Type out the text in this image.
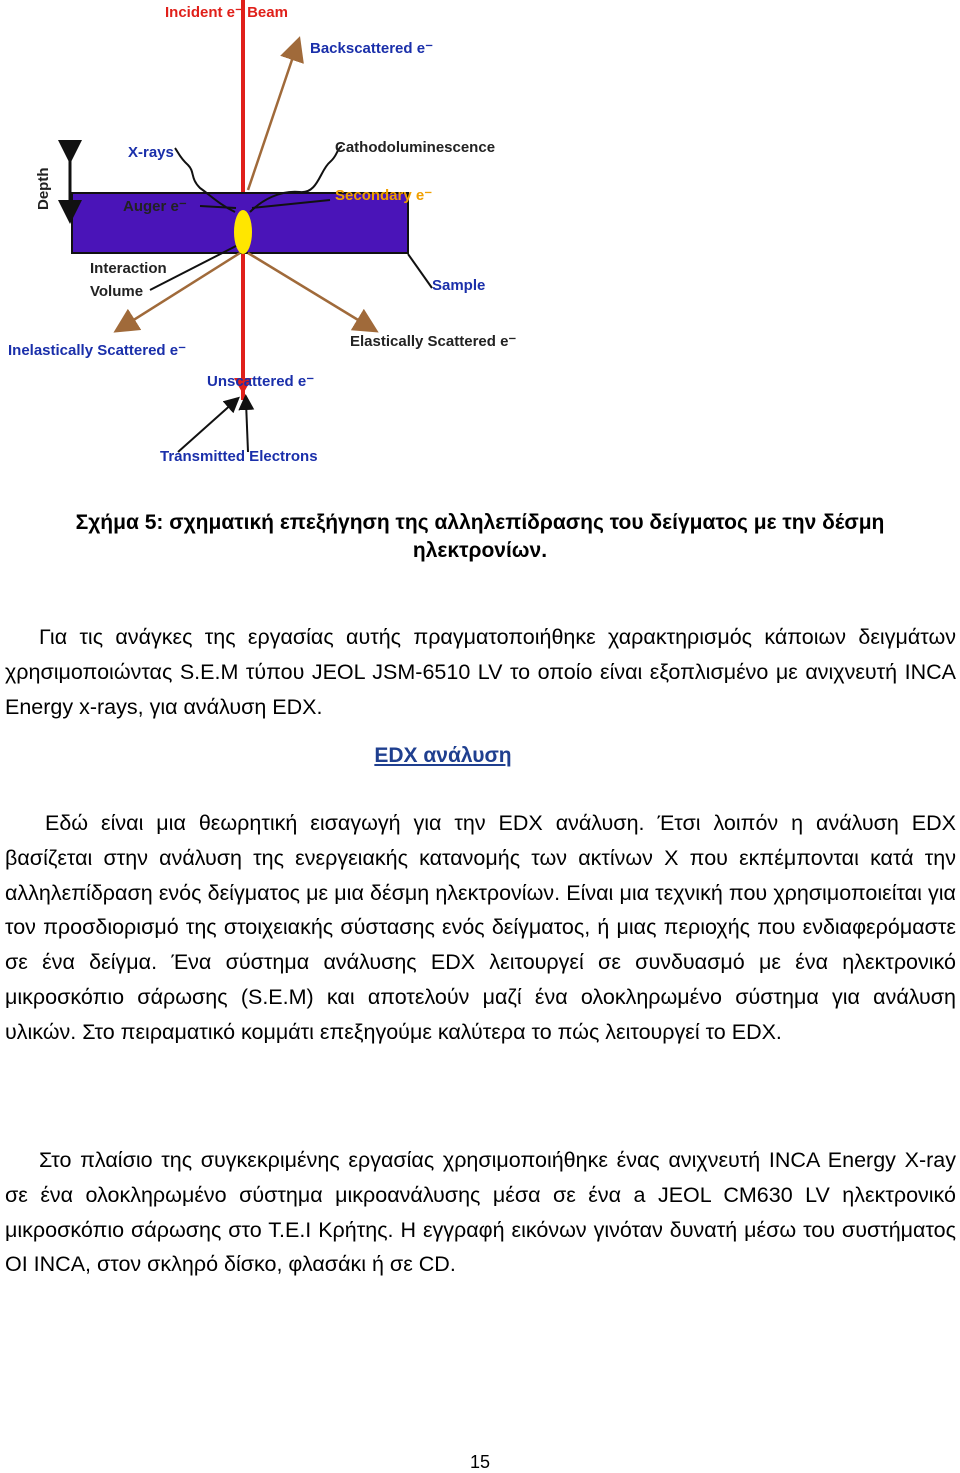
Incident e⁻ Beam
Backscattered e⁻
X-rays	Cathodoluminescence
Secondary e⁻
Auger e⁻
Depth
Interaction
Volume	Sample
Inelastically Scattered e⁻
Elastically Scattered e⁻
Unscattered e⁻
Transmitted Electrons
Σχήμα 5: σχηματική επεξήγηση της αλληλεπίδρασης του δείγματος με την δέσμη
ηλεκτρονίων.
Για τις ανάγκες της εργασίας αυτής πραγματοποιήθηκε χαρακτηρισμός κάποιων δειγμάτων χρησιμοποιώντας S.E.M τύπου JEOL JSM-6510 LV το οποίο είναι εξοπλισμένο με ανιχνευτή INCA Energy x-rays, για ανάλυση EDX.
EDX ανάλυση
Εδώ είναι μια θεωρητική εισαγωγή για την EDX ανάλυση. Έτσι λοιπόν η ανάλυση EDX βασίζεται στην ανάλυση της ενεργειακής κατανομής των ακτίνων X που εκπέμπονται κατά την αλληλεπίδραση ενός δείγματος με μια δέσμη ηλεκτρονίων. Είναι μια τεχνική που χρησιμοποιείται για τον προσδιορισμό της στοιχειακής σύστασης ενός δείγματος, ή μιας περιοχής που ενδιαφερόμαστε σε ένα δείγμα. Ένα σύστημα ανάλυσης EDX λειτουργεί σε συνδυασμό με ένα ηλεκτρονικό μικροσκόπιο σάρωσης (S.E.M) και αποτελούν μαζί ένα ολοκληρωμένο σύστημα για ανάλυση υλικών. Στο πειραματικό κομμάτι επεξηγούμε καλύτερα το πώς λειτουργεί το EDX.
Στο πλαίσιο της συγκεκριμένης εργασίας χρησιμοποιήθηκε ένας ανιχνευτή INCA Energy X-ray σε ένα ολοκληρωμένο σύστημα μικροανάλυσης μέσα σε ένα a JEOL CM630 LV ηλεκτρονικό μικροσκόπιο σάρωσης στο Τ.Ε.Ι Κρήτης. Η εγγραφή εικόνων γινόταν δυνατή μέσω του συστήματος OI INCA, στον σκληρό δίσκο, φλασάκι ή σε CD.
15
